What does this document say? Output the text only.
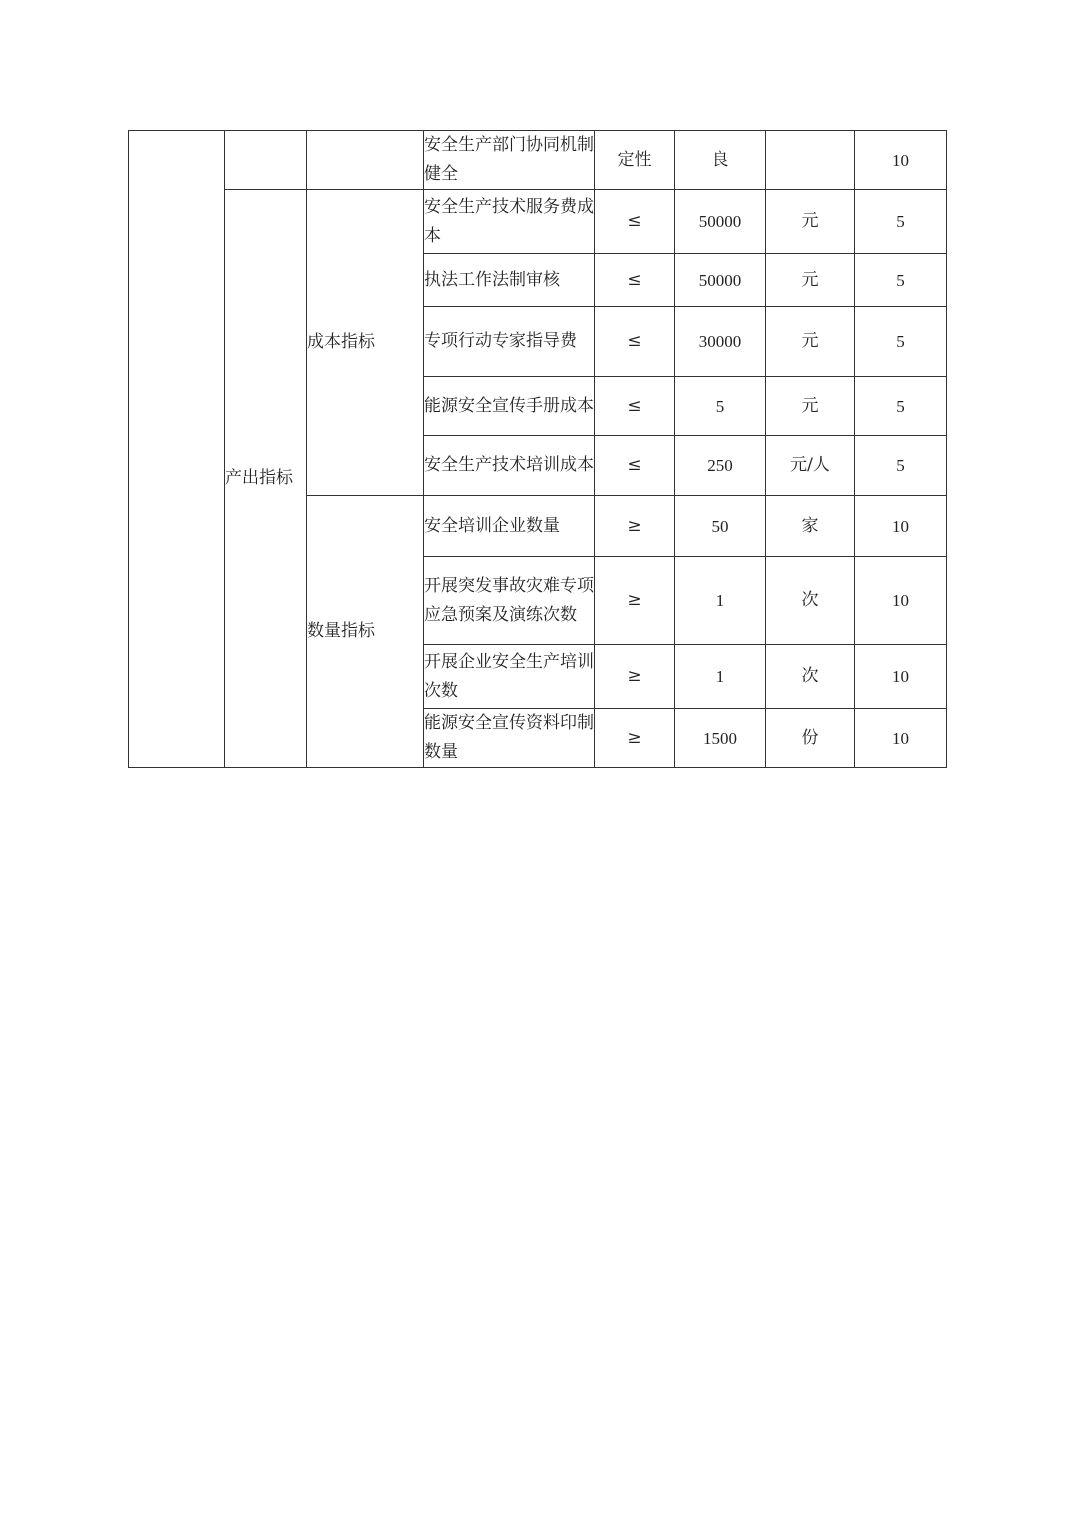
			安全生产部门协同机制健全	定性	良		10
	产出指标	成本指标	安全生产技术服务费成本	≤	50000	元	5
			执法工作法制审核	≤	50000	元	5
			专项行动专家指导费	≤	30000	元	5
			能源安全宣传手册成本	≤	5	元	5
			安全生产技术培训成本	≤	250	元/人	5
		数量指标	安全培训企业数量	≥	50	家	10
			开展突发事故灾难专项应急预案及演练次数	≥	1	次	10
			开展企业安全生产培训次数	≥	1	次	10
			能源安全宣传资料印制数量	≥	1500	份	10
